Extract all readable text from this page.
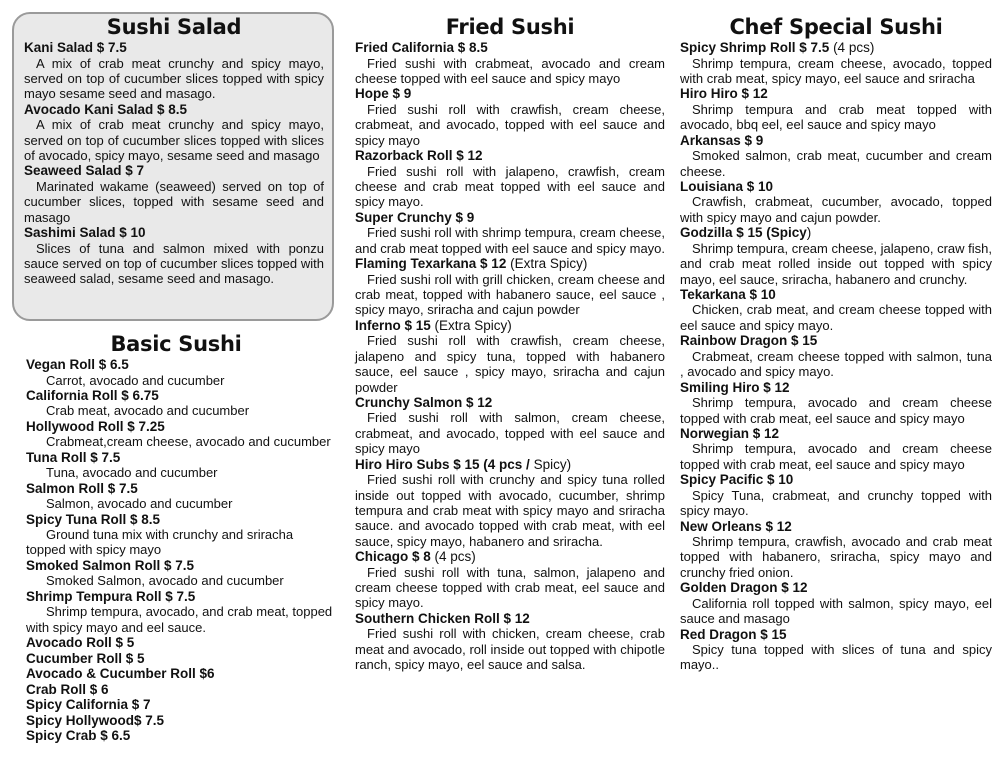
Sushi Salad
Kani Salad $ 7.5
A mix of crab meat crunchy and spicy mayo, served on top of cucumber slices topped with spicy mayo sesame seed and masago.
Avocado Kani Salad $ 8.5
A mix of crab meat crunchy and spicy mayo, served on top of cucumber slices topped with slices of avocado, spicy mayo, sesame seed and masago
Seaweed Salad $ 7
Marinated wakame (seaweed) served on top of cucumber slices, topped with sesame seed and masago
Sashimi Salad $ 10
Slices of tuna and salmon mixed with ponzu sauce served on top of cucumber slices topped with seaweed salad, sesame seed and masago.
Basic Sushi
Vegan Roll $ 6.5
Carrot, avocado and cucumber
California Roll $ 6.75
Crab meat, avocado and cucumber
Hollywood Roll $ 7.25
Crabmeat,cream cheese, avocado and cucumber
Tuna Roll $ 7.5
Tuna, avocado and cucumber
Salmon Roll $ 7.5
Salmon, avocado and cucumber
Spicy Tuna Roll $ 8.5
Ground tuna mix with crunchy and sriracha topped with spicy mayo
Smoked Salmon Roll $ 7.5
Smoked Salmon, avocado and cucumber
Shrimp Tempura Roll $ 7.5
Shrimp tempura, avocado, and crab meat, topped with spicy mayo and eel sauce.
Avocado Roll $ 5
Cucumber Roll $ 5
Avocado & Cucumber Roll $6
Crab Roll $ 6
Spicy California $ 7
Spicy Hollywood$ 7.5
Spicy Crab $ 6.5
Fried Sushi
Fried California $ 8.5
Fried sushi with crabmeat, avocado and cream cheese topped with eel sauce and spicy mayo
Hope $ 9
Fried sushi roll with crawfish, cream cheese, crabmeat, and avocado, topped with eel sauce and spicy mayo
Razorback Roll $ 12
Fried sushi roll with jalapeno, crawfish, cream cheese and crab meat topped with eel sauce and spicy mayo.
Super Crunchy $ 9
Fried sushi roll with shrimp tempura, cream cheese, and crab meat topped with eel sauce and spicy mayo.
Flaming Texarkana $ 12 (Extra Spicy)
Fried sushi roll with grill chicken, cream cheese and crab meat, topped with habanero sauce, eel sauce , spicy mayo, sriracha and cajun powder
Inferno $ 15 (Extra Spicy)
Fried sushi roll with crawfish, cream cheese, jalapeno and spicy tuna, topped with habanero sauce, eel sauce , spicy mayo, sriracha and cajun powder
Crunchy Salmon $ 12
Fried sushi roll with salmon, cream cheese, crabmeat, and avocado, topped with eel sauce and spicy mayo
Hiro Hiro Subs $ 15 (4 pcs / Spicy)
Fried sushi roll with crunchy and spicy tuna rolled inside out topped with avocado, cucumber, shrimp tempura and crab meat with spicy mayo and sriracha sauce. and avocado topped with crab meat, with eel sauce, spicy mayo, habanero and sriracha.
Chicago $ 8 (4 pcs)
Fried sushi roll with tuna, salmon, jalapeno and cream cheese topped with crab meat, eel sauce and spicy mayo.
Southern Chicken Roll $ 12
Fried sushi roll with chicken, cream cheese, crab meat and avocado, roll inside out topped with chipotle ranch, spicy mayo, eel sauce and salsa.
Chef Special Sushi
Spicy Shrimp Roll $ 7.5 (4 pcs)
Shrimp tempura, cream cheese, avocado, topped with crab meat, spicy mayo, eel sauce and sriracha
Hiro Hiro $ 12
Shrimp tempura and crab meat topped with avocado, bbq eel, eel sauce and spicy mayo
Arkansas $ 9
Smoked salmon, crab meat, cucumber and cream cheese.
Louisiana $ 10
Crawfish, crabmeat, cucumber, avocado, topped with spicy mayo and cajun powder.
Godzilla $ 15 (Spicy)
Shrimp tempura, cream cheese, jalapeno, craw fish, and crab meat rolled inside out topped with spicy mayo, eel sauce, sriracha, habanero and crunchy.
Tekarkana $ 10
Chicken, crab meat, and cream cheese topped with eel sauce and spicy mayo.
Rainbow Dragon $ 15
Crabmeat, cream cheese topped with salmon, tuna , avocado and spicy mayo.
Smiling Hiro $ 12
Shrimp tempura, avocado and cream cheese topped with crab meat, eel sauce and spicy mayo
Norwegian $ 12
Shrimp tempura, avocado and cream cheese topped with crab meat, eel sauce and spicy mayo
Spicy Pacific $ 10
Spicy Tuna, crabmeat, and crunchy topped with spicy mayo.
New Orleans $ 12
Shrimp tempura, crawfish, avocado and crab meat topped with habanero, sriracha, spicy mayo and crunchy fried onion.
Golden Dragon $ 12
California roll topped with salmon, spicy mayo, eel sauce and masago
Red Dragon $ 15
Spicy tuna topped with slices of tuna and spicy mayo..
